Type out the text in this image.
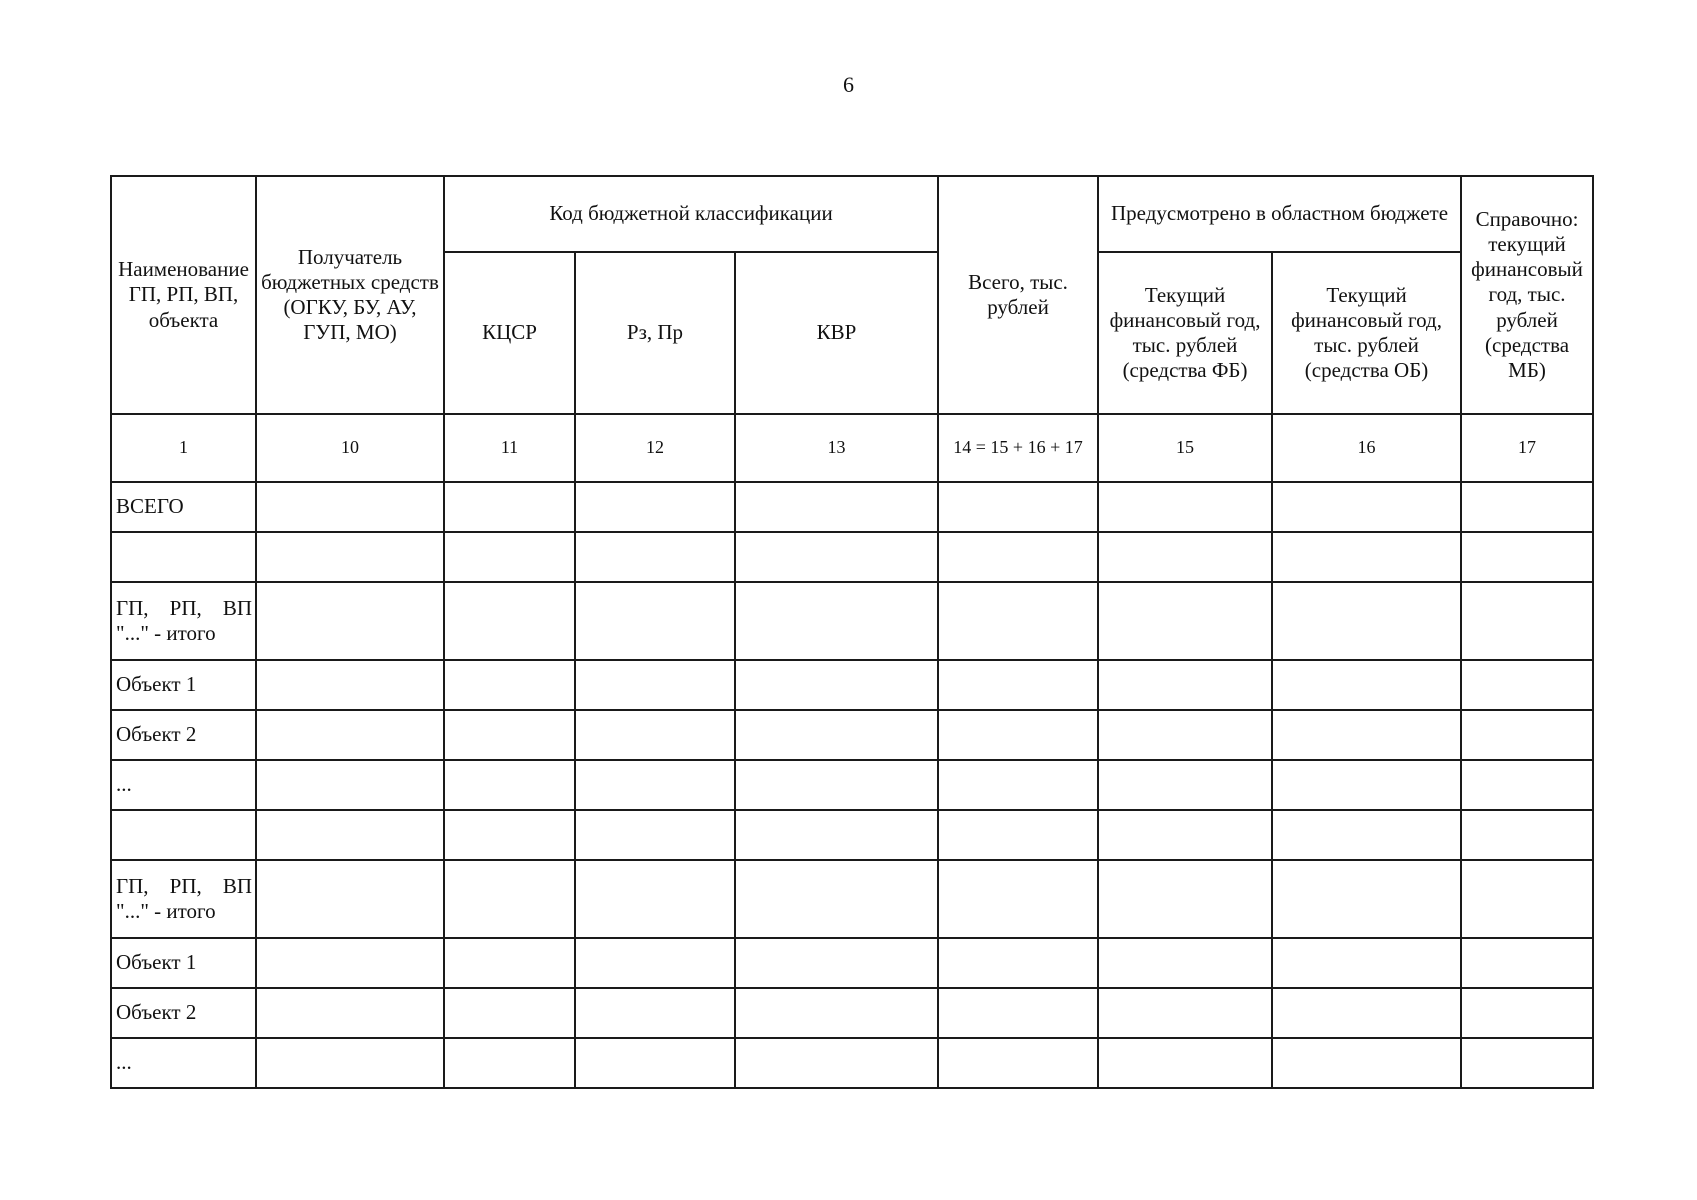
6
Наименование ГП, РП, ВП, объекта	Получатель бюджетных средств (ОГКУ, БУ, АУ, ГУП, МО)	Код бюджетной классификации			Всего, тыс. рублей	Предусмотрено в областном бюджете		Справочно: текущий финансовый год, тыс. рублей (средства МБ)
		КЦСР	Рз, Пр	КВР		Текущий финансовый год, тыс. рублей (средства ФБ)	Текущий финансовый год, тыс. рублей (средства ОБ)	
1	10	11	12	13	14 = 15 + 16 + 17	15	16	17
ВСЕГО								

ГП, РП, ВП "..." - итого								
Объект 1								
Объект 2								
...								

ГП, РП, ВП "..." - итого								
Объект 1								
Объект 2								
...								
